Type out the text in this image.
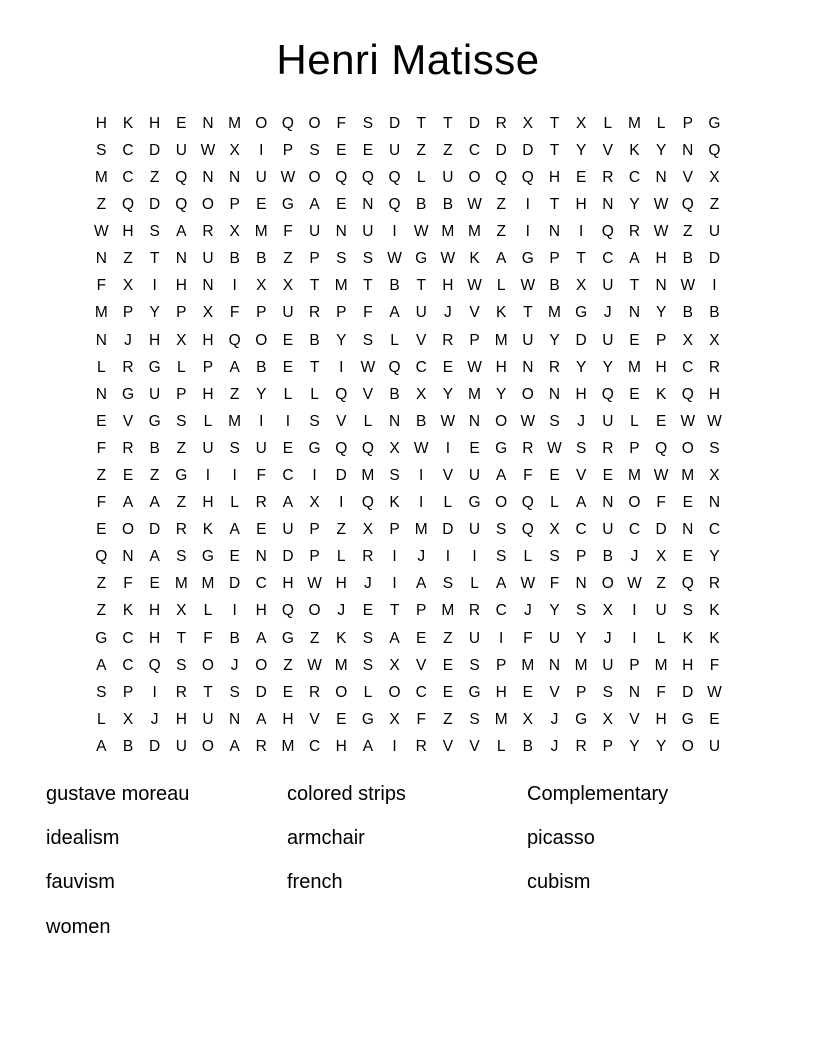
Henri Matisse
H	K	H	E	N M O Q O	F	S	D	T	T	D R	X	T	X	L	M	L	P G
S	C D U W X	I	P	S	E	E	U	Z	Z	C D D	T	Y	V	K	Y	N Q
M C	Z	Q N N U W O Q Q Q	L	U O Q Q H	E	R C N	V	X
Z	Q D Q O P	E G A	E	N Q B	B W Z	I	T	H N	Y W Q	Z
W H	S	A	R	X M F	U N U	I	W M M Z	I	N	I	Q R W Z	U
N	Z	T	N U	B	B	Z	P	S	S W G W K	A G P	T	C	A	H	B	D
F	X	I	H N	I	X	X	T M T	B	T	H W L W B	X	U	T	N W	I
M P	Y	P	X	F	P	U R	P	F	A	U	J	V	K	T M G	J	N	Y	B	B
N	J	H	X	H Q O E	B	Y	S	L	V	R	P M U	Y	D U	E	P	X	X
L	R G	L	P	A	B	E	T	I	W Q C	E W H N R	Y	Y M H C R
N G U	P	H	Z	Y	L	L	Q V	B	X	Y M Y O N H Q E	K Q H
E	V G S	L	M	I	I	S	V	L	N	B W N O W S	J	U	L	E W W
F	R	B	Z	U	S	U	E G Q Q X W	I	E G R W S	R	P Q O S
Z	E	Z	G	I	I	F	C	I	D M S	I	V	U	A	F	E	V	E M W M X
F	A	A	Z	H	L	R	A	X	I	Q K	I	L	G O Q	L	A	N O	F	E	N
E O D R	K	A	E	U	P	Z	X	P M D U	S Q X	C U C D N C
Q N	A	S G E	N D	P	L	R	I	J	I	I	S	L	S	P	B	J	X	E	Y
Z	F	E M M D C H W H	J	I	A	S	L	A W F	N O W Z	Q R
Z	K	H	X	L	I	H Q O	J	E	T	P M R C	J	Y	S	X	I	U	S	K
G C H	T	F	B	A G	Z	K	S	A	E	Z	U	I	F	U	Y	J	I	L	K	K
A	C Q S O	J	O	Z W M S	X	V	E	S	P M N M U	P M H	F
S	P	I	R	T	S	D	E	R O	L	O C	E G H	E	V	P	S	N	F	D W
L	X	J	H U N	A	H	V	E G X	F	Z	S M X	J	G X	V	H G E
A	B	D U O A	R M C H	A	I	R	V	V	L	B	J	R	P	Y	Y O U
gustave moreau
idealism
fauvism
women
colored strips
armchair
french
Complementary
picasso
cubism
